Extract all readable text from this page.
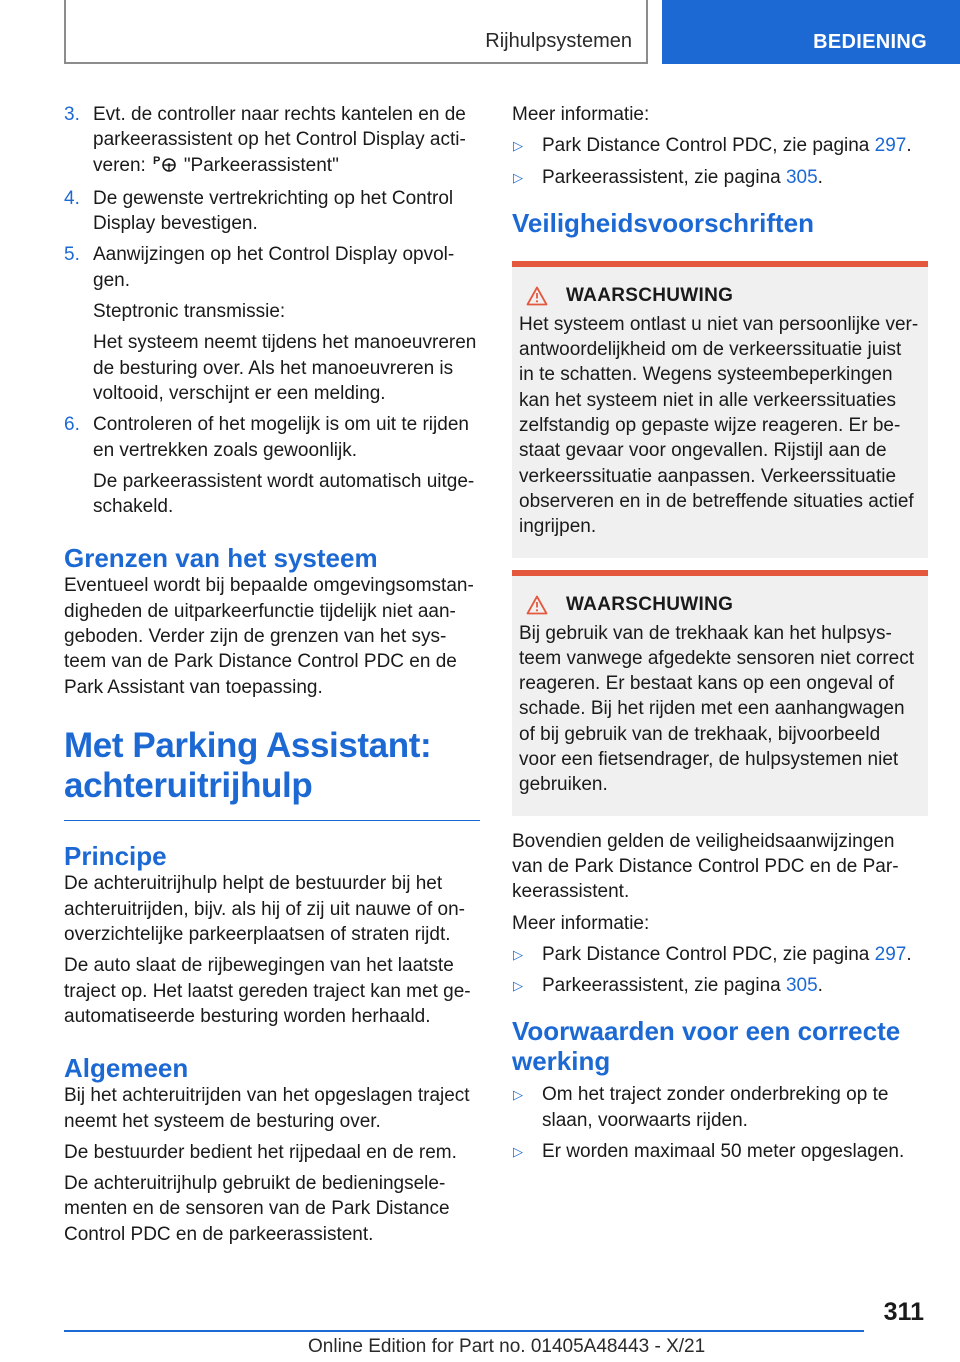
Rijhulpsystemen	BEDIENING
3. Evt. de controller naar rechts kantelen en de parkeerassistent op het Control Display activeren: P "Parkeerassistent"

4. De gewenste vertrekrichting op het Control Display bevestigen.

5. Aanwijzingen op het Control Display opvolgen.

Steptronic transmissie:

Het systeem neemt tijdens het manoeuvreren de besturing over. Als het manoeuvreren is voltooid, verschijnt er een melding.

6. Controleren of het mogelijk is om uit te rijden en vertrekken zoals gewoonlijk.

De parkeerassistent wordt automatisch uitgeschakeld.

Grenzen van het systeem

Eventueel wordt bij bepaalde omgevingsomstandigheden de uitparkeerfunctie tijdelijk niet aangeboden. Verder zijn de grenzen van het systeem van de Park Distance Control PDC en de Park Assistant van toepassing.

Met Parking Assistant: achteruitrijhulp
Principe

De achteruitrijhulp helpt de bestuurder bij het achteruitrijden, bijv. als hij of zij uit nauwe of onoverzichtelijke parkeerplaatsen of straten rijdt.

De auto slaat de rijbewegingen van het laatste traject op. Het laatst gereden traject kan met geautomatiseerde besturing worden herhaald.

Algemeen

Bij het achteruitrijden van het opgeslagen traject neemt het systeem de besturing over.

De bestuurder bedient het rijpedaal en de rem.

De achteruitrijhulp gebruikt de bedieningselementen en de sensoren van de Park Distance Control PDC en de parkeerassistent.

Meer informatie:

▷	Park Distance Control PDC, zie pagina 297.

▷	Parkeerassistent, zie pagina 305.

Veiligheidsvoorschriften
WAARSCHUWING

Het systeem ontlast u niet van persoonlijke verantwoordelijkheid om de verkeerssituatie juist in te schatten. Wegens systeembeperkingen kan het systeem niet in alle verkeerssituaties zelfstandig op gepaste wijze reageren. Er bestaat gevaar voor ongevallen. Rijstijl aan de verkeerssituatie aanpassen. Verkeerssituatie observeren en in de betreffende situaties actief ingrijpen.

WAARSCHUWING

Bij gebruik van de trekhaak kan het hulpsysteem vanwege afgedekte sensoren niet correct reageren. Er bestaat kans op een ongeval of schade. Bij het rijden met een aanhangwagen of bij gebruik van de trekhaak, bijvoorbeeld voor een fietsendrager, de hulpsystemen niet gebruiken.

Bovendien gelden de veiligheidsaanwijzingen van de Park Distance Control PDC en de Parkeerassistent.

Meer informatie:

▷	Park Distance Control PDC, zie pagina 297.

▷	Parkeerassistent, zie pagina 305.

Voorwaarden voor een correcte werking
▷	Om het traject zonder onderbreking op te slaan, voorwaarts rijden.

▷	Er worden maximaal 50 meter opgeslagen.

311
Online Edition for Part no. 01405A48443 - X/21
